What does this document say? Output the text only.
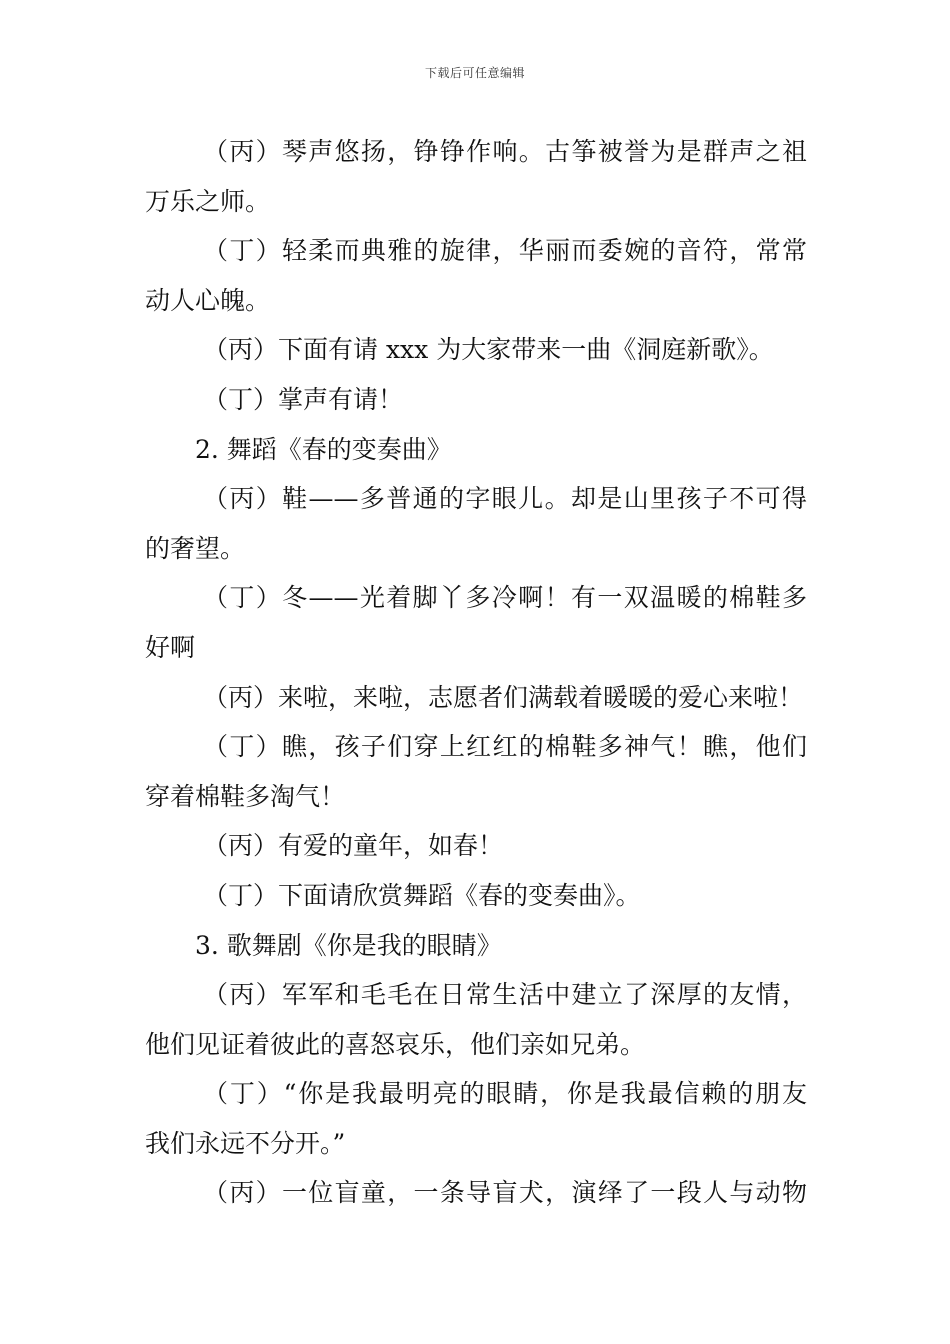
下载后可任意编辑
（丙）琴声悠扬，铮铮作响。古筝被誉为是群声之祖
万乐之师。
（丁）轻柔而典雅的旋律，华丽而委婉的音符，常常
动人心魄。
（丙）下面有请 xxx 为大家带来一曲《洞庭新歌》。
（丁）掌声有请！
2. 舞蹈《春的变奏曲》
（丙）鞋——多普通的字眼儿。却是山里孩子不可得
的奢望。
（丁）冬——光着脚丫多冷啊！有一双温暖的棉鞋多
好啊
（丙）来啦，来啦，志愿者们满载着暖暖的爱心来啦！
（丁）瞧，孩子们穿上红红的棉鞋多神气！瞧，他们
穿着棉鞋多淘气！
（丙）有爱的童年，如春！
（丁）下面请欣赏舞蹈《春的变奏曲》。
3. 歌舞剧《你是我的眼睛》
（丙）军军和毛毛在日常生活中建立了深厚的友情，
他们见证着彼此的喜怒哀乐，他们亲如兄弟。
（丁）“你是我最明亮的眼睛，你是我最信赖的朋友
我们永远不分开。”
（丙）一位盲童，一条导盲犬，演绎了一段人与动物
